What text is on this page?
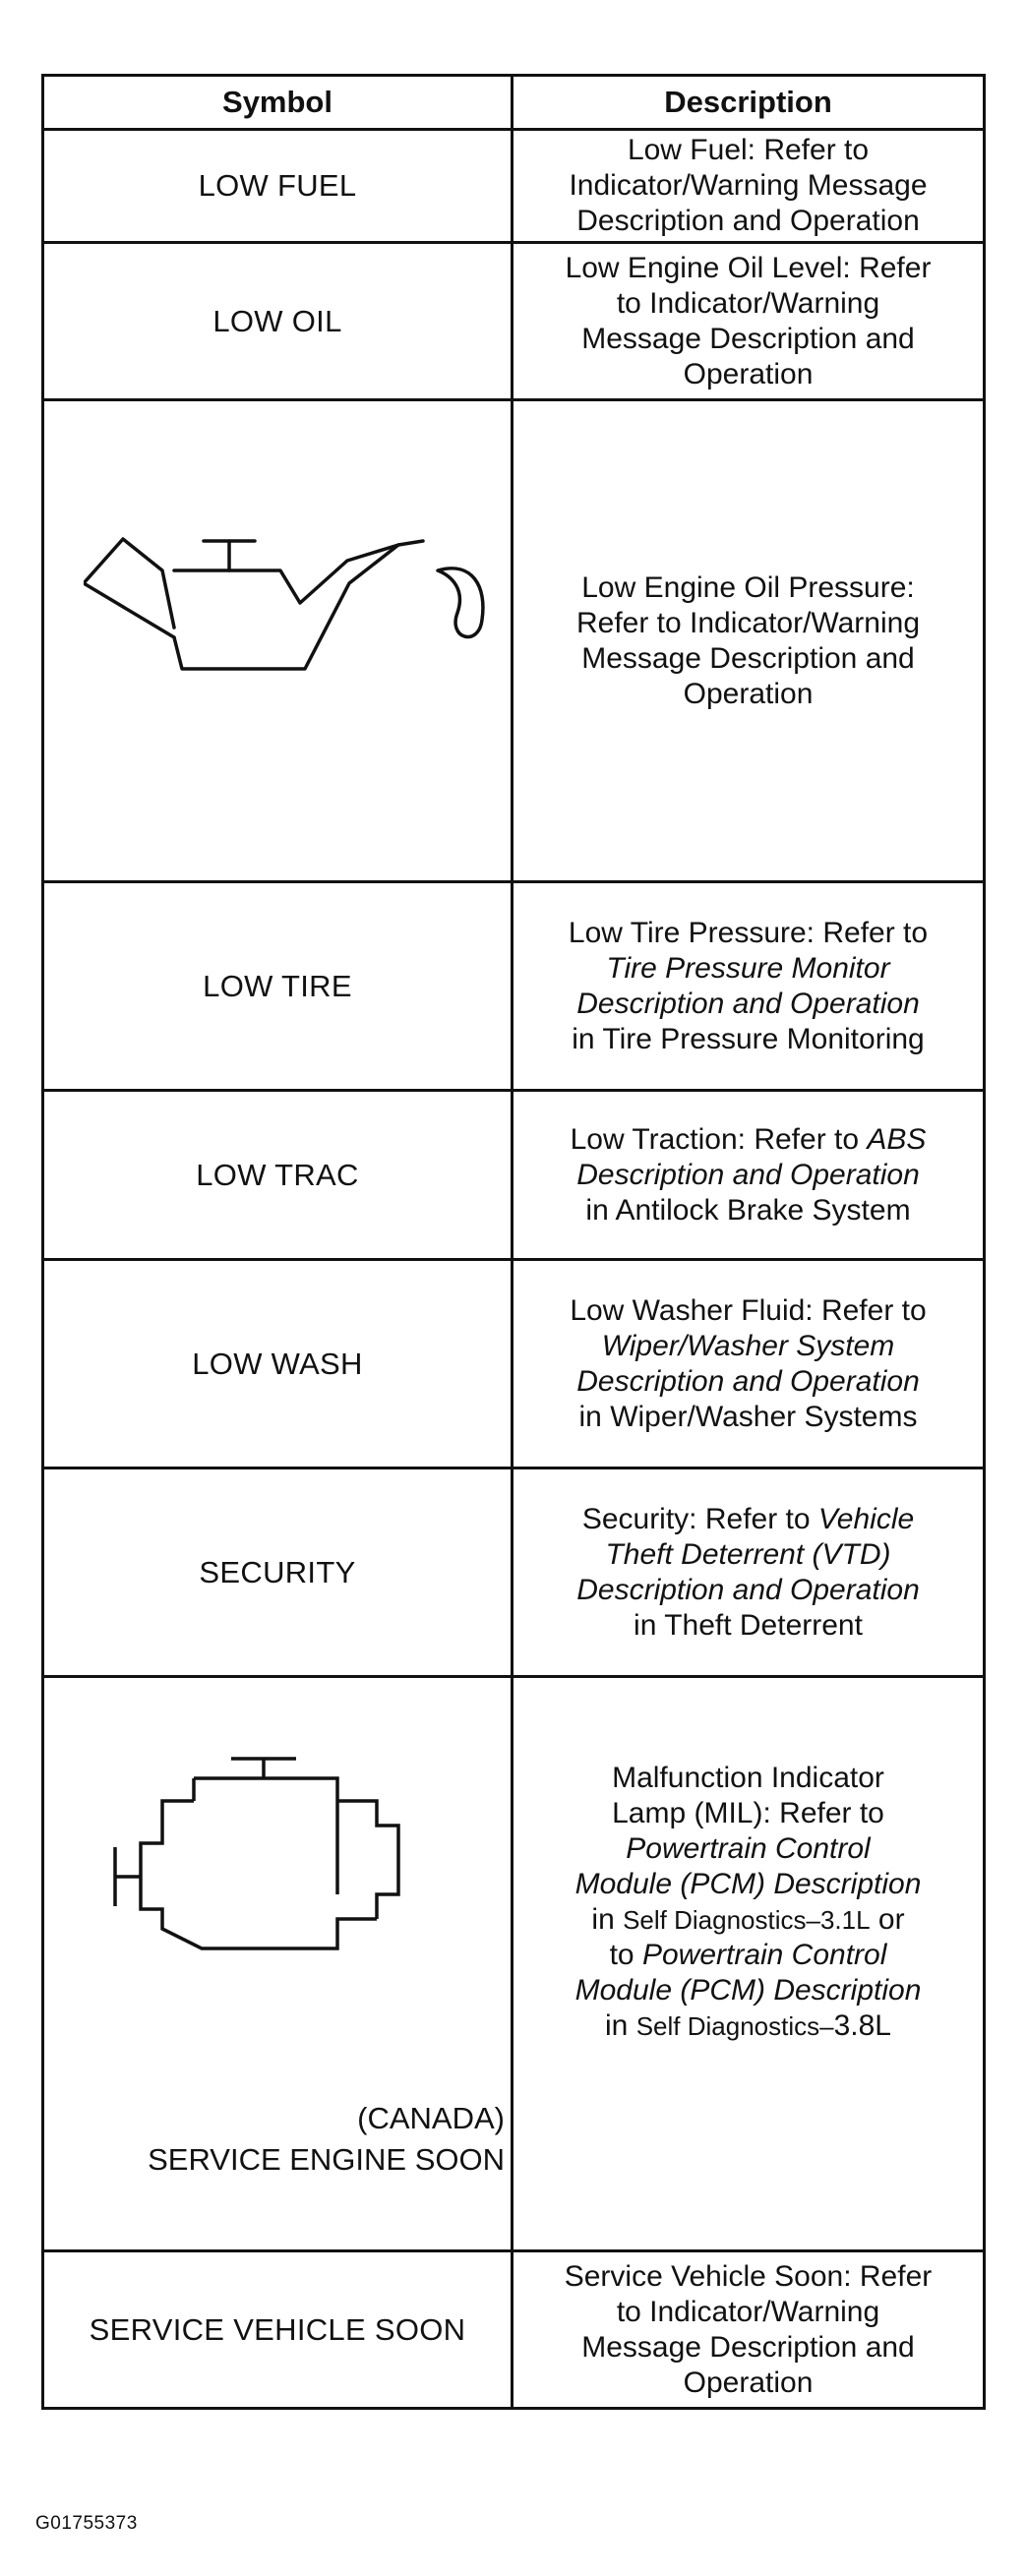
Symbol	Description
LOW FUEL
Low Fuel: Refer to
Indicator/Warning Message
Description and Operation
LOW OIL
Low Engine Oil Level: Refer
to Indicator/Warning
Message Description and
Operation
Low Engine Oil Pressure:
Refer to Indicator/Warning
Message Description and
Operation
LOW TIRE
Low Tire Pressure: Refer to
Tire Pressure Monitor
Description and Operation
in Tire Pressure Monitoring
LOW TRAC
Low Traction: Refer to ABS
Description and Operation
in Antilock Brake System
LOW WASH
Low Washer Fluid: Refer to
Wiper/Washer System
Description and Operation
in Wiper/Washer Systems
SECURITY
Security: Refer to Vehicle
Theft Deterrent (VTD)
Description and Operation
in Theft Deterrent
(CANADA)
SERVICE ENGINE SOON
Malfunction Indicator
Lamp (MIL): Refer to
Powertrain Control
Module (PCM) Description
in Self Diagnostics–3.1L or
to Powertrain Control
Module (PCM) Description
in Self Diagnostics–3.8L
SERVICE VEHICLE SOON
Service Vehicle Soon: Refer
to Indicator/Warning
Message Description and
Operation
G01755373
